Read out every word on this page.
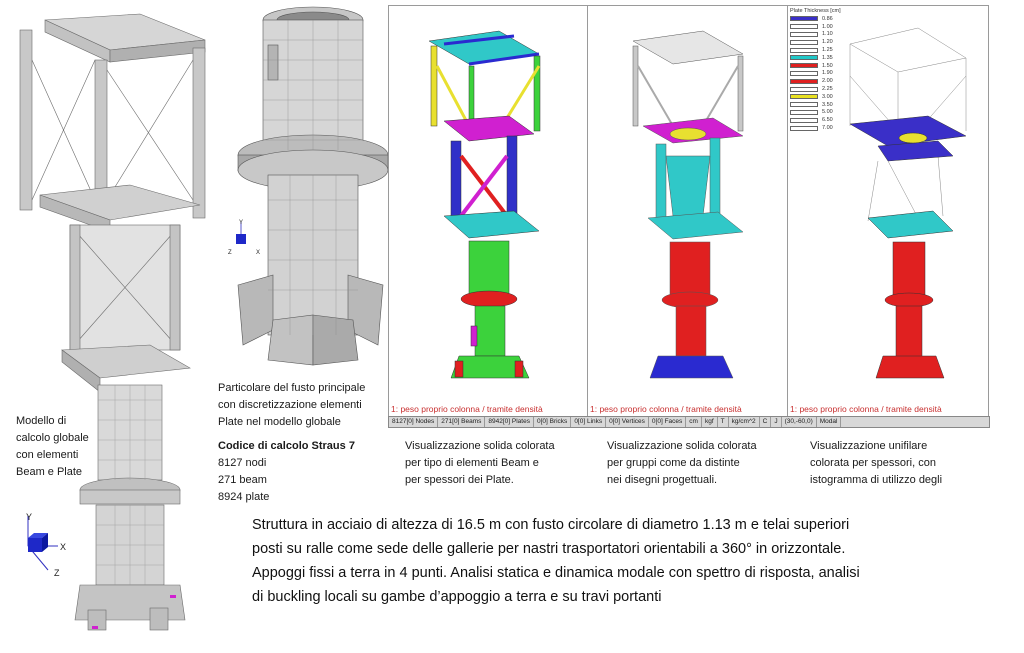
Y
X
Z
Modello di
calcolo globale
con elementi
Beam e Plate
Y
Z	X
Particolare del fusto principale
con discretizzazione elementi
Plate nel modello globale
Codice di calcolo Straus 7
8127 nodi
271 beam
8924 plate
1: peso proprio colonna / tramite densità	1: peso proprio colonna / tramite densità	1: peso proprio colonna / tramite densità
Plate Thickness [cm]
0.86
1.00
1.10
1.20
1.25
1.35
1.50
1.90
2.00
2.25
3.00
3.50
5.00
6.50
7.00
8127[0] Nodes	271[0] Beams	8942[0] Plates	0[0] Bricks	0[0] Links	0[0] Vertices	0[0] Faces	cm	kgf	T	kg/cm^2	C	J	(30,-60,0)	Modal
Visualizzazione solida colorata
per tipo di elementi Beam e
per spessori dei Plate.
Visualizzazione solida colorata
per gruppi come da distinte
nei disegni progettuali.
Visualizzazione unifilare
colorata per spessori, con
istogramma di utilizzo degli
Struttura in acciaio di altezza di 16.5 m con fusto circolare di diametro 1.13 m e telai superiori
posti su ralle come sede delle gallerie per nastri trasportatori orientabili a 360° in orizzontale.
Appoggi fissi a terra in 4 punti. Analisi statica e dinamica modale con spettro di risposta, analisi
di buckling locali su gambe d’appoggio a terra e su travi portanti
